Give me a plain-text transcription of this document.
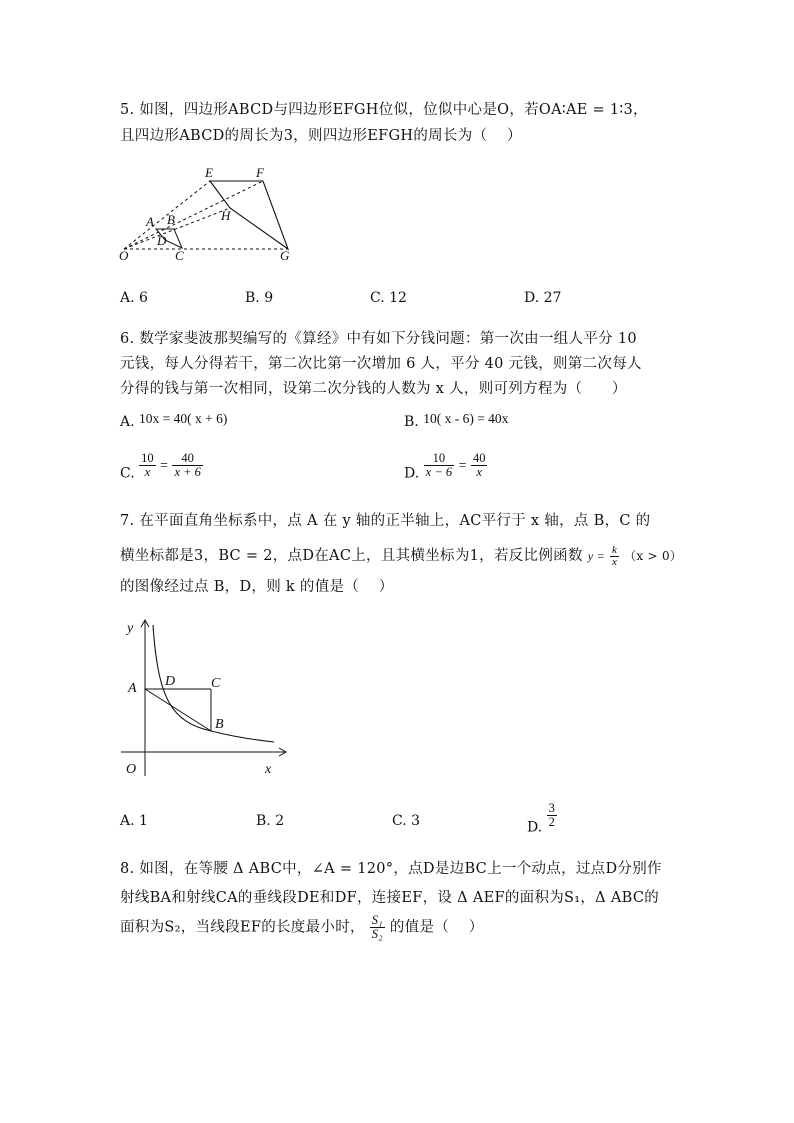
5. 如图，四边形ABCD与四边形EFGH位似，位似中心是O，若OA∶AE = 1∶3，
且四边形ABCD的周长为3，则四边形EFGH的周长为（　 ）
E	F
A B	H
D
O	C	G
A. 6	B. 9	C. 12	D. 27
6. 数学家斐波那契编写的《算经》中有如下分钱问题：第一次由一组人平分 10
元钱，每人分得若干，第二次比第一次增加 6 人，平分 40 元钱，则第二次每人
分得的钱与第一次相同，设第二次分钱的人数为 x 人，则可列方程为（　　）
A. 10x = 40( x + 6)	B. 10( x - 6) = 40x
C. $\frac{10}{x} = \frac{40}{x + 6}$	D. $\frac{10}{x - 6} = \frac{40}{x}$
7. 在平面直角坐标系中，点 A 在 y 轴的正半轴上，AC平行于 x 轴，点 B，C 的
横坐标都是3，BC = 2，点D在AC上，且其横坐标为1，若反比例函数 $y = \frac{k}{x} (x > 0)$
的图像经过点 B，D，则 k 的值是（　 ）
y
A D	C
B
O	x
A. 1	B. 2	C. 3	D. $\frac{3}{2}$
8. 如图，在等腰 Δ ABC中，∠A = 120°，点D是边BC上一个动点，过点D分别作
射线BA和射线CA的垂线段DE和DF，连接EF，设 Δ AEF的面积为S₁，Δ ABC的
面积为S₂，当线段EF的长度最小时， $\frac{\text{S₁}}{\text{S₂}}$ 的值是（　 ）
